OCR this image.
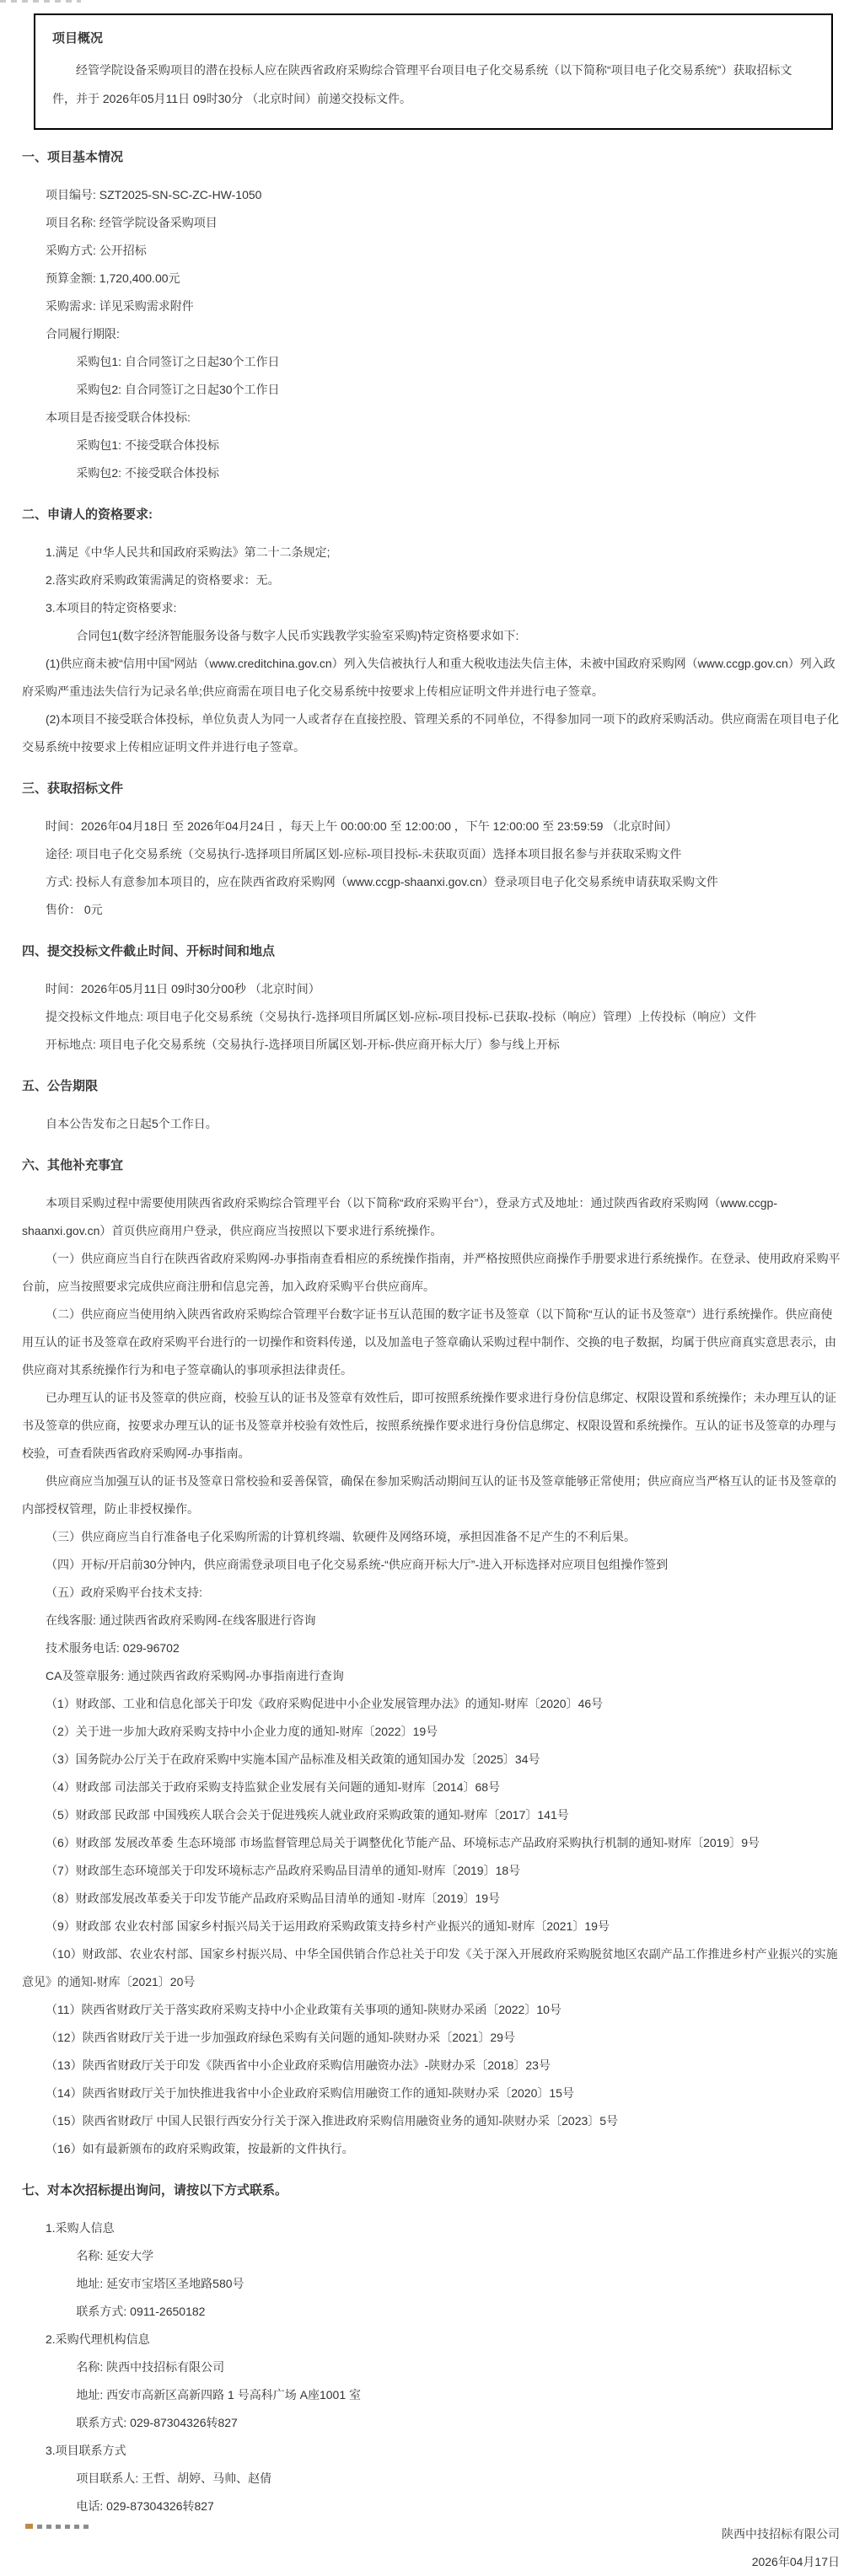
项目概况

经管学院设备采购项目的潜在投标人应在陕西省政府采购综合管理平台项目电子化交易系统（以下简称“项目电子化交易系统”）获取招标文件，并于 2026年05月11日 09时30分 （北京时间）前递交投标文件。

一、项目基本情况

项目编号: SZT2025-SN-SC-ZC-HW-1050

项目名称: 经管学院设备采购项目

采购方式: 公开招标

预算金额: 1,720,400.00元

采购需求: 详见采购需求附件

合同履行期限:

采购包1: 自合同签订之日起30个工作日

采购包2: 自合同签订之日起30个工作日

本项目是否接受联合体投标:

采购包1: 不接受联合体投标

采购包2: 不接受联合体投标

二、申请人的资格要求:

1.满足《中华人民共和国政府采购法》第二十二条规定;

2.落实政府采购政策需满足的资格要求：无。

3.本项目的特定资格要求:

合同包1(数字经济智能服务设备与数字人民币实践教学实验室采购)特定资格要求如下:

(1)供应商未被“信用中国”网站（www.creditchina.gov.cn）列入失信被执行人和重大税收违法失信主体，未被中国政府采购网（www.ccgp.gov.cn）列入政府采购严重违法失信行为记录名单;供应商需在项目电子化交易系统中按要求上传相应证明文件并进行电子签章。

(2)本项目不接受联合体投标，单位负责人为同一人或者存在直接控股、管理关系的不同单位，不得参加同一项下的政府采购活动。供应商需在项目电子化交易系统中按要求上传相应证明文件并进行电子签章。

三、获取招标文件

时间：2026年04月18日 至 2026年04月24日 ，每天上午 00:00:00 至 12:00:00 ，下午 12:00:00 至 23:59:59 （北京时间）

途径: 项目电子化交易系统（交易执行-选择项目所属区划-应标-项目投标-未获取页面）选择本项目报名参与并获取采购文件

方式: 投标人有意参加本项目的，应在陕西省政府采购网（www.ccgp-shaanxi.gov.cn）登录项目电子化交易系统申请获取采购文件

售价： 0元

四、提交投标文件截止时间、开标时间和地点

时间：2026年05月11日 09时30分00秒 （北京时间）

提交投标文件地点: 项目电子化交易系统（交易执行-选择项目所属区划-应标-项目投标-已获取-投标（响应）管理）上传投标（响应）文件

开标地点: 项目电子化交易系统（交易执行-选择项目所属区划-开标-供应商开标大厅）参与线上开标

五、公告期限

自本公告发布之日起5个工作日。

六、其他补充事宜

本项目采购过程中需要使用陕西省政府采购综合管理平台（以下简称“政府采购平台”），登录方式及地址：通过陕西省政府采购网（www.ccgp-shaanxi.gov.cn）首页供应商用户登录，供应商应当按照以下要求进行系统操作。

（一）供应商应当自行在陕西省政府采购网-办事指南查看相应的系统操作指南，并严格按照供应商操作手册要求进行系统操作。在登录、使用政府采购平台前，应当按照要求完成供应商注册和信息完善，加入政府采购平台供应商库。

（二）供应商应当使用纳入陕西省政府采购综合管理平台数字证书互认范围的数字证书及签章（以下简称“互认的证书及签章”）进行系统操作。供应商使用互认的证书及签章在政府采购平台进行的一切操作和资料传递，以及加盖电子签章确认采购过程中制作、交换的电子数据，均属于供应商真实意思表示，由供应商对其系统操作行为和电子签章确认的事项承担法律责任。

已办理互认的证书及签章的供应商，校验互认的证书及签章有效性后，即可按照系统操作要求进行身份信息绑定、权限设置和系统操作；未办理互认的证书及签章的供应商，按要求办理互认的证书及签章并校验有效性后，按照系统操作要求进行身份信息绑定、权限设置和系统操作。互认的证书及签章的办理与校验，可查看陕西省政府采购网-办事指南。

供应商应当加强互认的证书及签章日常校验和妥善保管，确保在参加采购活动期间互认的证书及签章能够正常使用；供应商应当严格互认的证书及签章的内部授权管理，防止非授权操作。

（三）供应商应当自行准备电子化采购所需的计算机终端、软硬件及网络环境，承担因准备不足产生的不利后果。

（四）开标/开启前30分钟内，供应商需登录项目电子化交易系统-“供应商开标大厅”-进入开标选择对应项目包组操作签到

（五）政府采购平台技术支持:

在线客服: 通过陕西省政府采购网-在线客服进行咨询

技术服务电话: 029-96702

CA及签章服务: 通过陕西省政府采购网-办事指南进行查询

（1）财政部、工业和信息化部关于印发《政府采购促进中小企业发展管理办法》的通知-财库〔2020〕46号

（2）关于进一步加大政府采购支持中小企业力度的通知-财库〔2022〕19号

（3）国务院办公厅关于在政府采购中实施本国产品标准及相关政策的通知国办发〔2025〕34号

（4）财政部 司法部关于政府采购支持监狱企业发展有关问题的通知-财库〔2014〕68号

（5）财政部 民政部 中国残疾人联合会关于促进残疾人就业政府采购政策的通知-财库〔2017〕141号

（6）财政部 发展改革委 生态环境部 市场监督管理总局关于调整优化节能产品、环境标志产品政府采购执行机制的通知-财库〔2019〕9号

（7）财政部生态环境部关于印发环境标志产品政府采购品目清单的通知-财库〔2019〕18号

（8）财政部发展改革委关于印发节能产品政府采购品目清单的通知 -财库〔2019〕19号

（9）财政部 农业农村部 国家乡村振兴局关于运用政府采购政策支持乡村产业振兴的通知-财库〔2021〕19号

（10）财政部、农业农村部、国家乡村振兴局、中华全国供销合作总社关于印发《关于深入开展政府采购脱贫地区农副产品工作推进乡村产业振兴的实施意见》的通知-财库〔2021〕20号

（11）陕西省财政厅关于落实政府采购支持中小企业政策有关事项的通知-陕财办采函〔2022〕10号

（12）陕西省财政厅关于进一步加强政府绿色采购有关问题的通知-陕财办采〔2021〕29号

（13）陕西省财政厅关于印发《陕西省中小企业政府采购信用融资办法》-陕财办采〔2018〕23号

（14）陕西省财政厅关于加快推进我省中小企业政府采购信用融资工作的通知-陕财办采〔2020〕15号

（15）陕西省财政厅 中国人民银行西安分行关于深入推进政府采购信用融资业务的通知-陕财办采〔2023〕5号

（16）如有最新颁布的政府采购政策，按最新的文件执行。

七、对本次招标提出询问，请按以下方式联系。

1.采购人信息

名称: 延安大学

地址: 延安市宝塔区圣地路580号

联系方式: 0911-2650182

2.采购代理机构信息

名称: 陕西中技招标有限公司

地址: 西安市高新区高新四路 1 号高科广场 A座1001 室

联系方式: 029-87304326转827

3.项目联系方式

项目联系人: 王哲、胡婷、马帅、赵倩

电话: 029-87304326转827

陕西中技招标有限公司

2026年04月17日
